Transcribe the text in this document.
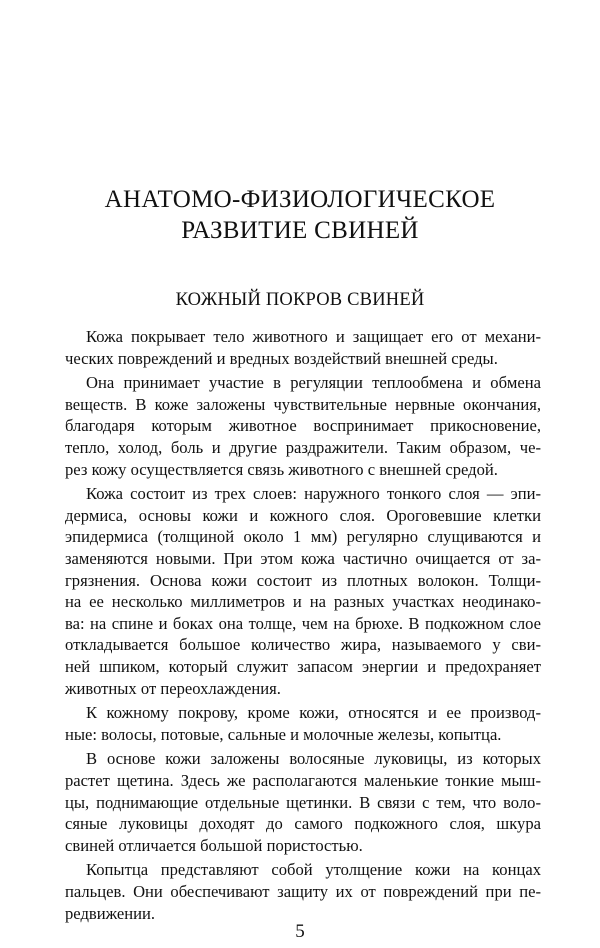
АНАТОМО-ФИЗИОЛОГИЧЕСКОЕ
РАЗВИТИЕ СВИНЕЙ
КОЖНЫЙ ПОКРОВ СВИНЕЙ
Кожа покрывает тело животного и защищает его от механи-
ческих повреждений и вредных воздействий внешней среды.
Она принимает участие в регуляции теплообмена и обмена
веществ. В коже заложены чувствительные нервные окончания,
благодаря которым животное воспринимает прикосновение,
тепло, холод, боль и другие раздражители. Таким образом, че-
рез кожу осуществляется связь животного с внешней средой.
Кожа состоит из трех слоев: наружного тонкого слоя — эпи-
дермиса, основы кожи и кожного слоя. Ороговевшие клетки
эпидермиса (толщиной около 1 мм) регулярно слущиваются и
заменяются новыми. При этом кожа частично очищается от за-
грязнения. Основа кожи состоит из плотных волокон. Толщи-
на ее несколько миллиметров и на разных участках неодинако-
ва: на спине и боках она толще, чем на брюхе. В подкожном слое
откладывается большое количество жира, называемого у сви-
ней шпиком, который служит запасом энергии и предохраняет
животных от переохлаждения.
К кожному покрову, кроме кожи, относятся и ее производ-
ные: волосы, потовые, сальные и молочные железы, копытца.
В основе кожи заложены волосяные луковицы, из которых
растет щетина. Здесь же располагаются маленькие тонкие мыш-
цы, поднимающие отдельные щетинки. В связи с тем, что воло-
сяные луковицы доходят до самого подкожного слоя, шкура
свиней отличается большой пористостью.
Копытца представляют собой утолщение кожи на концах
пальцев. Они обеспечивают защиту их от повреждений при пе-
редвижении.
5
